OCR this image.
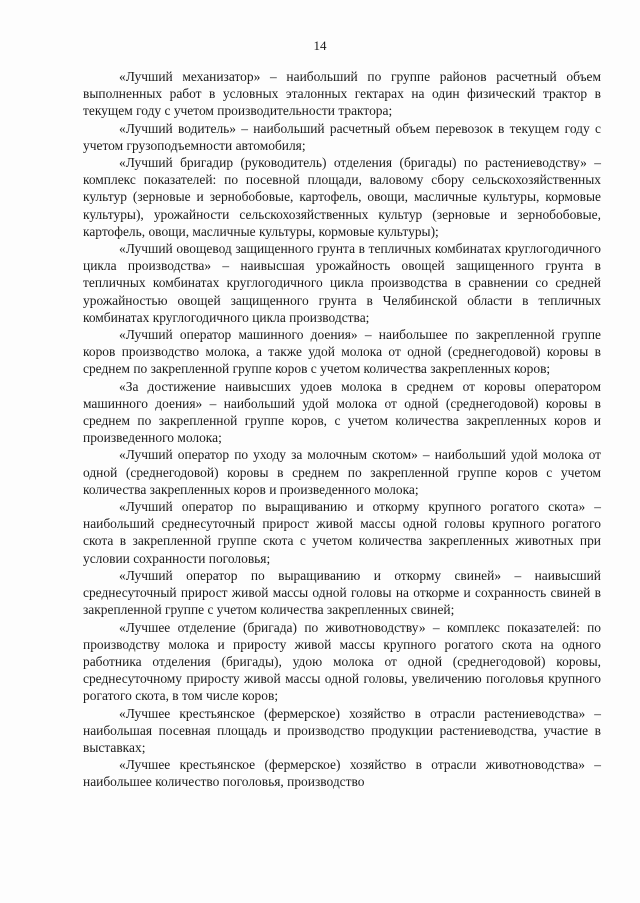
14

«Лучший механизатор» – наибольший по группе районов расчетный объем выполненных работ в условных эталонных гектарах на один физический трактор в текущем году с учетом производительности трактора;

«Лучший водитель» – наибольший расчетный объем перевозок в текущем году с учетом грузоподъемности автомобиля;

«Лучший бригадир (руководитель) отделения (бригады) по растениеводству» – комплекс показателей: по посевной площади, валовому сбору сельскохозяйственных культур (зерновые и зернобобовые, картофель, овощи, масличные культуры, кормовые культуры), урожайности сельскохозяйственных культур (зерновые и зернобобовые, картофель, овощи, масличные культуры, кормовые культуры);

«Лучший овощевод защищенного грунта в тепличных комбинатах круглогодичного цикла производства» – наивысшая урожайность овощей защищенного грунта в тепличных комбинатах круглогодичного цикла производства в сравнении со средней урожайностью овощей защищенного грунта в Челябинской области в тепличных комбинатах круглогодичного цикла производства;

«Лучший оператор машинного доения» – наибольшее по закрепленной группе коров производство молока, а также удой молока от одной (среднегодовой) коровы в среднем по закрепленной группе коров с учетом количества закрепленных коров;

«За достижение наивысших удоев молока в среднем от коровы оператором машинного доения» – наибольший удой молока от одной (среднегодовой) коровы в среднем по закрепленной группе коров, с учетом количества закрепленных коров и произведенного молока;

«Лучший оператор по уходу за молочным скотом» – наибольший удой молока от одной (среднегодовой) коровы в среднем по закрепленной группе коров с учетом количества закрепленных коров и произведенного молока;

«Лучший оператор по выращиванию и откорму крупного рогатого скота» – наибольший среднесуточный прирост живой массы одной головы крупного рогатого скота в закрепленной группе скота с учетом количества закрепленных животных при условии сохранности поголовья;

«Лучший оператор по выращиванию и откорму свиней» – наивысший среднесуточный прирост живой массы одной головы на откорме и сохранность свиней в закрепленной группе с учетом количества закрепленных свиней;

«Лучшее отделение (бригада) по животноводству» – комплекс показателей: по производству молока и приросту живой массы крупного рогатого скота на одного работника отделения (бригады), удою молока от одной (среднегодовой) коровы, среднесуточному приросту живой массы одной головы, увеличению поголовья крупного рогатого скота, в том числе коров;

«Лучшее крестьянское (фермерское) хозяйство в отрасли растениеводства» – наибольшая посевная площадь и производство продукции растениеводства, участие в выставках;

«Лучшее крестьянское (фермерское) хозяйство в отрасли животноводства» – наибольшее количество поголовья, производство
